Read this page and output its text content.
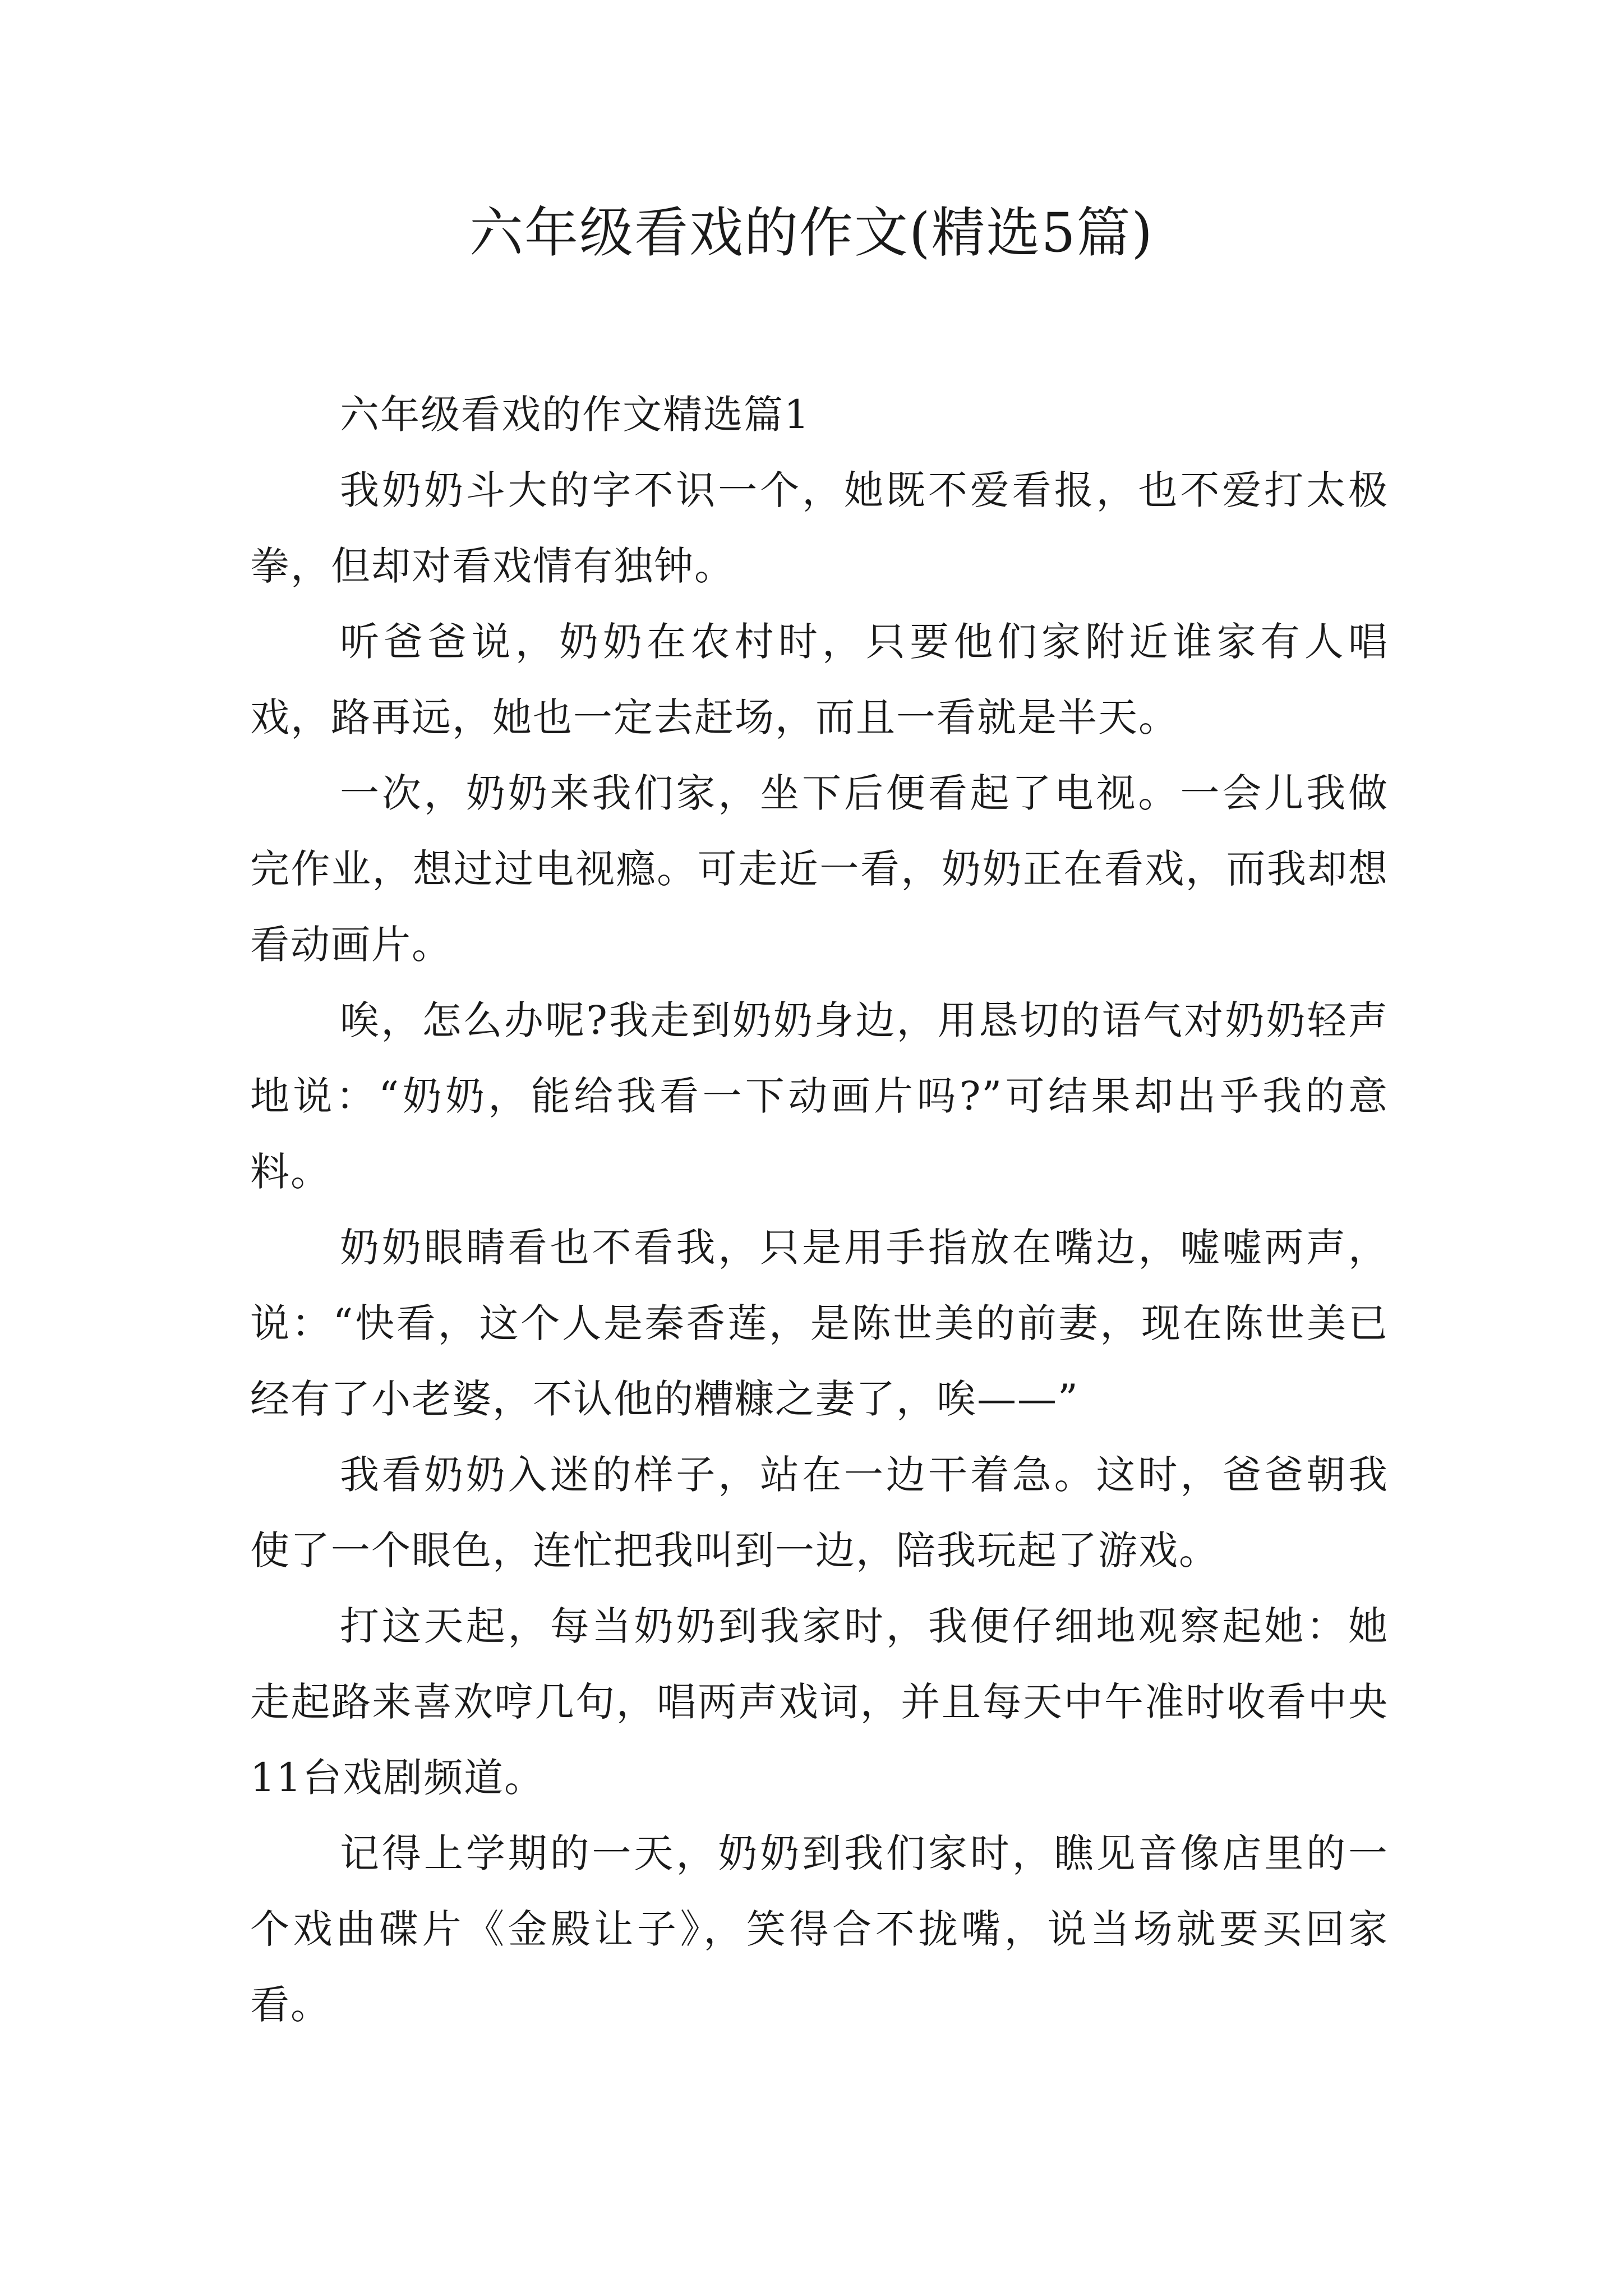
六年级看戏的作文(精选5篇)

六年级看戏的作文精选篇1

我奶奶斗大的字不识一个，她既不爱看报，也不爱打太极拳，但却对看戏情有独钟。

听爸爸说，奶奶在农村时，只要他们家附近谁家有人唱戏，路再远，她也一定去赶场，而且一看就是半天。

一次，奶奶来我们家，坐下后便看起了电视。一会儿我做完作业，想过过电视瘾。可走近一看，奶奶正在看戏，而我却想看动画片。

唉，怎么办呢?我走到奶奶身边，用恳切的语气对奶奶轻声地说：“奶奶，能给我看一下动画片吗?”可结果却出乎我的意料。

奶奶眼睛看也不看我，只是用手指放在嘴边，嘘嘘两声，说：“快看，这个人是秦香莲，是陈世美的前妻，现在陈世美已经有了小老婆，不认他的糟糠之妻了，唉——”

我看奶奶入迷的样子，站在一边干着急。这时，爸爸朝我使了一个眼色，连忙把我叫到一边，陪我玩起了游戏。

打这天起，每当奶奶到我家时，我便仔细地观察起她：她走起路来喜欢哼几句，唱两声戏词，并且每天中午准时收看中央11台戏剧频道。

记得上学期的一天，奶奶到我们家时，瞧见音像店里的一个戏曲碟片《金殿让子》，笑得合不拢嘴，说当场就要买回家看。
